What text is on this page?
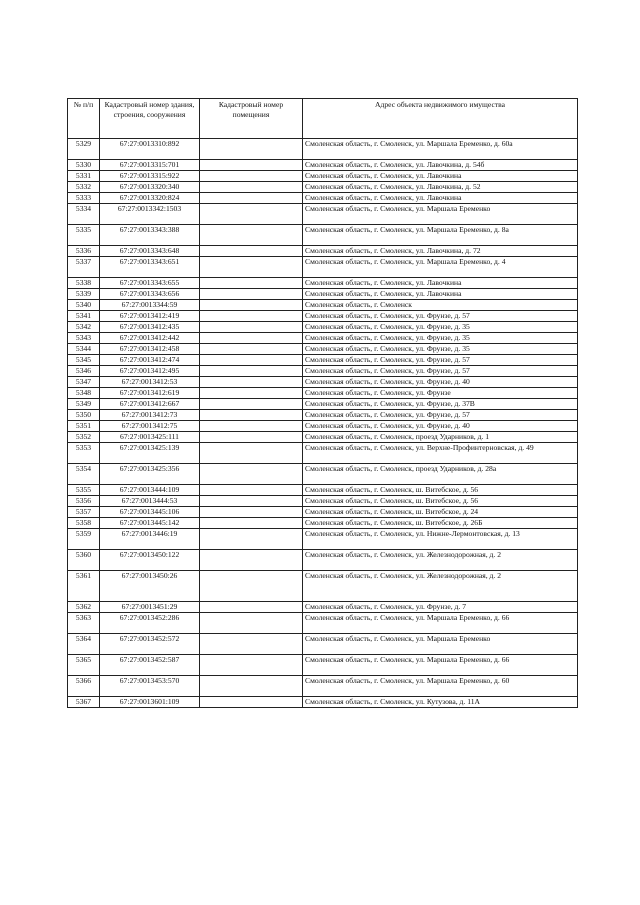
№ п/п	Кадастровый номер здания, строения, сооружения	Кадастровый номер помещения	Адрес объекта недвижимого имущества
5329	67:27:0013310:892		Смоленская область, г. Смоленск, ул. Маршала Еременко, д. 60а
5330	67:27:0013315:701		Смоленская область, г. Смоленск, ул. Лавочкина, д. 54б
5331	67:27:0013315:922		Смоленская область, г. Смоленск, ул. Лавочкина
5332	67:27:0013320:340		Смоленская область, г. Смоленск, ул. Лавочкина, д. 52
5333	67:27:0013320:824		Смоленская область, г. Смоленск, ул. Лавочкина
5334	67:27:0013342:1503		Смоленская область, г. Смоленск, ул. Маршала Еременко
5335	67:27:0013343:388		Смоленская область, г. Смоленск, ул. Маршала Еременко, д. 8а
5336	67:27:0013343:648		Смоленская область, г. Смоленск, ул. Лавочкина, д. 72
5337	67:27:0013343:651		Смоленская область, г. Смоленск, ул. Маршала Еременко, д. 4
5338	67:27:0013343:655		Смоленская область, г. Смоленск, ул. Лавочкина
5339	67:27:0013343:656		Смоленская область, г. Смоленск, ул. Лавочкина
5340	67:27:0013344:59		Смоленская область, г. Смоленск
5341	67:27:0013412:419		Смоленская область, г. Смоленск, ул. Фрунзе, д. 57
5342	67:27:0013412:435		Смоленская область, г. Смоленск, ул. Фрунзе, д. 35
5343	67:27:0013412:442		Смоленская область, г. Смоленск, ул. Фрунзе, д. 35
5344	67:27:0013412:458		Смоленская область, г. Смоленск, ул. Фрунзе, д. 35
5345	67:27:0013412:474		Смоленская область, г. Смоленск, ул. Фрунзе, д. 57
5346	67:27:0013412:495		Смоленская область, г. Смоленск, ул. Фрунзе, д. 57
5347	67:27:0013412:53		Смоленская область, г. Смоленск, ул. Фрунзе, д. 40
5348	67:27:0013412:619		Смоленская область, г. Смоленск, ул. Фрунзе
5349	67:27:0013412:667		Смоленская область, г. Смоленск, ул. Фрунзе, д. 37В
5350	67:27:0013412:73		Смоленская область, г. Смоленск, ул. Фрунзе, д. 57
5351	67:27:0013412:75		Смоленская область, г. Смоленск, ул. Фрунзе, д. 40
5352	67:27:0013425:111		Смоленская область, г. Смоленск, проезд Ударников, д. 1
5353	67:27:0013425:139		Смоленская область, г. Смоленск, ул. Верхне-Профинтерновская, д. 49
5354	67:27:0013425:356		Смоленская область, г. Смоленск, проезд Ударников, д. 28а
5355	67:27:0013444:109		Смоленская область, г. Смоленск, ш. Витебское, д. 56
5356	67:27:0013444:53		Смоленская область, г. Смоленск, ш. Витебское, д. 56
5357	67:27:0013445:106		Смоленская область, г. Смоленск, ш. Витебское, д. 24
5358	67:27:0013445:142		Смоленская область, г. Смоленск, ш. Витебское, д. 26Б
5359	67:27:0013446:19		Смоленская область, г. Смоленск, ул. Нижне-Лермонтовская, д. 13
5360	67:27:0013450:122		Смоленская область, г. Смоленск, ул. Железнодорожная, д. 2
5361	67:27:0013450:26		Смоленская область, г. Смоленск, ул. Железнодорожная, д. 2
5362	67:27:0013451:29		Смоленская область, г. Смоленск, ул. Фрунзе, д. 7
5363	67:27:0013452:286		Смоленская область, г. Смоленск, ул. Маршала Еременко, д. 66
5364	67:27:0013452:572		Смоленская область, г. Смоленск, ул. Маршала Еременко
5365	67:27:0013452:587		Смоленская область, г. Смоленск, ул. Маршала Еременко, д. 66
5366	67:27:0013453:570		Смоленская область, г. Смоленск, ул. Маршала Еременко, д. 60
5367	67:27:0013601:109		Смоленская область, г. Смоленск, ул. Кутузова, д. 11А
